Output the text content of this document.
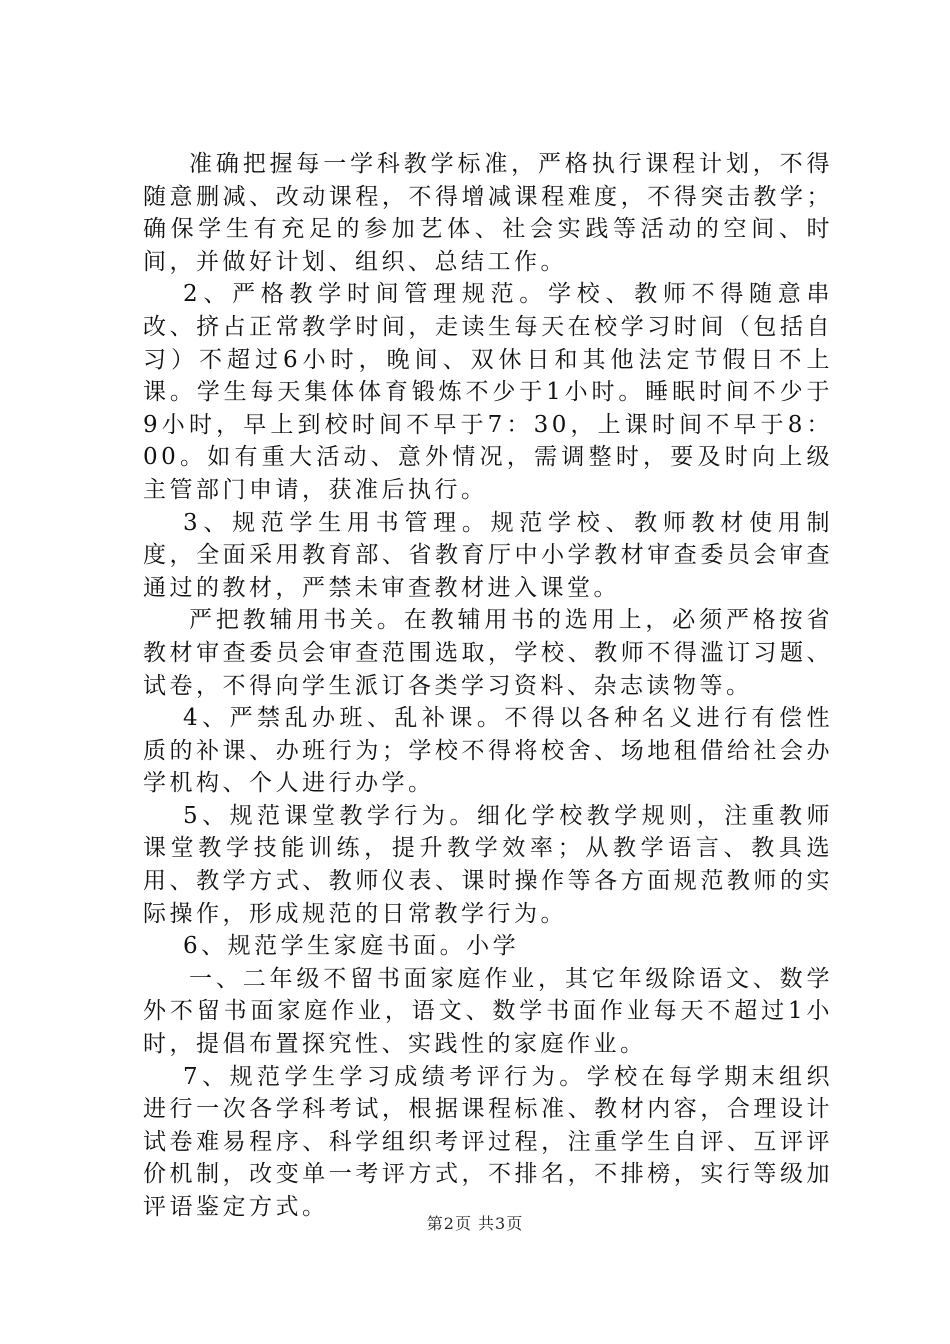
准确把握每一学科教学标准，严格执行课程计划，不得随意删减、改动课程，不得增减课程难度，不得突击教学；确保学生有充足的参加艺体、社会实践等活动的空间、时间，并做好计划、组织、总结工作。

2、严格教学时间管理规范。学校、教师不得随意串改、挤占正常教学时间，走读生每天在校学习时间（包括自习）不超过6小时，晚间、双休日和其他法定节假日不上课。学生每天集体体育锻炼不少于1小时。睡眠时间不少于9小时，早上到校时间不早于7：30，上课时间不早于8：00。如有重大活动、意外情况，需调整时，要及时向上级主管部门申请，获准后执行。

3、规范学生用书管理。规范学校、教师教材使用制度，全面采用教育部、省教育厅中小学教材审查委员会审查通过的教材，严禁未审查教材进入课堂。

严把教辅用书关。在教辅用书的选用上，必须严格按省教材审查委员会审查范围选取，学校、教师不得滥订习题、试卷，不得向学生派订各类学习资料、杂志读物等。

4、严禁乱办班、乱补课。不得以各种名义进行有偿性质的补课、办班行为；学校不得将校舍、场地租借给社会办学机构、个人进行办学。

5、规范课堂教学行为。细化学校教学规则，注重教师课堂教学技能训练，提升教学效率；从教学语言、教具选用、教学方式、教师仪表、课时操作等各方面规范教师的实际操作，形成规范的日常教学行为。

6、规范学生家庭书面。小学

一、二年级不留书面家庭作业，其它年级除语文、数学外不留书面家庭作业，语文、数学书面作业每天不超过1小时，提倡布置探究性、实践性的家庭作业。

7、规范学生学习成绩考评行为。学校在每学期末组织进行一次各学科考试，根据课程标准、教材内容，合理设计试卷难易程序、科学组织考评过程，注重学生自评、互评评价机制，改变单一考评方式，不排名，不排榜，实行等级加评语鉴定方式。

第2页 共3页
